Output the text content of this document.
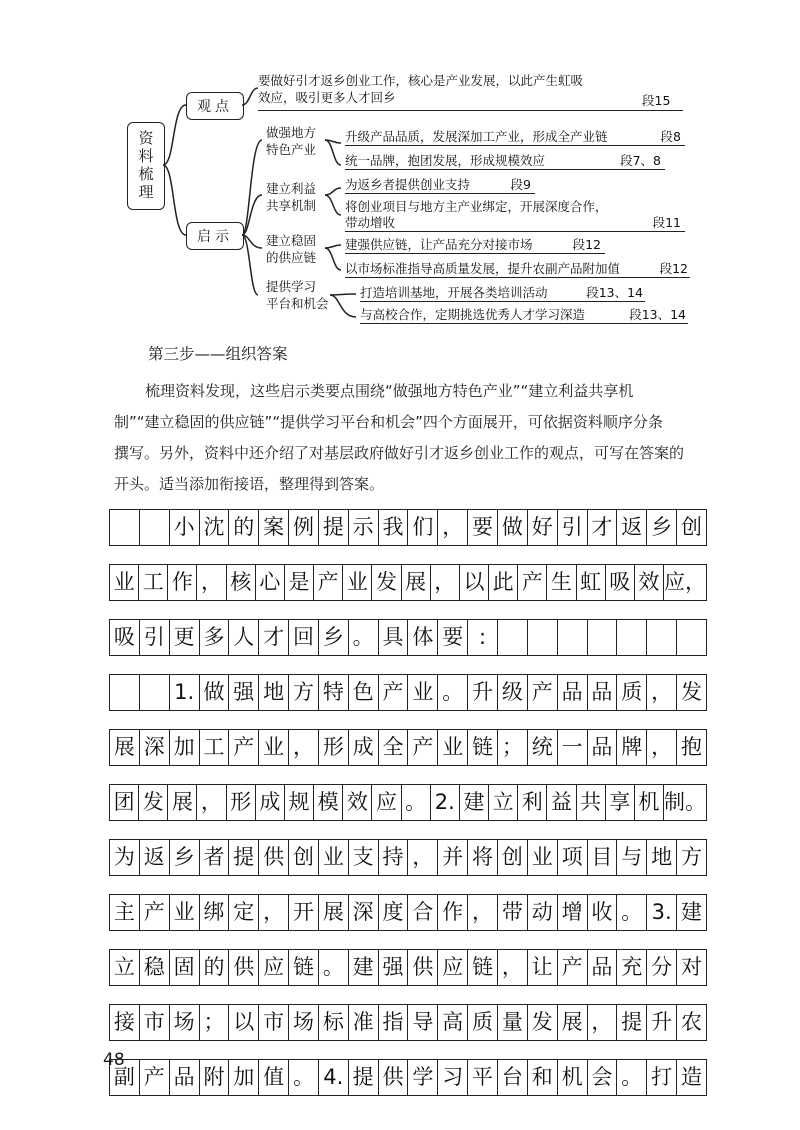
资料梳理
观点
启示
要做好引才返乡创业工作，核心是产业发展，以此产生虹吸
效应，吸引更多人才回乡	段15
做强地方
特色产业
建立利益
共享机制
建立稳固
的供应链
提供学习
平台和机会
升级产品品质，发展深加工产业，形成全产业链	段8
统一品牌，抱团发展，形成规模效应	段7、8
为返乡者提供创业支持	段9
将创业项目与地方主产业绑定，开展深度合作，
带动增收	段11
建强供应链，让产品充分对接市场	段12
以市场标准指导高质量发展，提升农副产品附加值	段12
打造培训基地，开展各类培训活动	段13、14
与高校合作，定期挑选优秀人才学习深造	段13、14
第三步——组织答案
梳理资料发现，这些启示类要点围绕“做强地方特色产业”“建立利益共享机
制”“建立稳固的供应链”“提供学习平台和机会”四个方面展开，可依据资料顺序分条
撰写。另外，资料中还介绍了对基层政府做好引才返乡创业工作的观点，可写在答案的
开头。适当添加衔接语，整理得到答案。
小 沈 的 案 例 提 示 我 们 ， 要 做 好 引 才 返 乡 创
业 工 作 ， 核 心 是 产 业 发 展 ， 以 此 产 生 虹 吸 效 应，
吸 引 更 多 人 才 回 乡 。 具 体 要 :
1. 做 强 地 方 特 色 产 业 。 升 级 产 品 品 质 ， 发
展 深 加 工 产 业 ， 形 成 全 产 业 链 ； 统 一 品 牌 ， 抱
团 发 展 ， 形 成 规 模 效 应 。 2. 建 立 利 益 共 享 机 制。
为 返 乡 者 提 供 创 业 支 持 ， 并 将 创 业 项 目 与 地 方
主 产 业 绑 定 ， 开 展 深 度 合 作 ， 带 动 增 收 。 3. 建
立 稳 固 的 供 应 链 。 建 强 供 应 链 ， 让 产 品 充 分 对
接 市 场 ； 以 市 场 标 准 指 导 高 质 量 发 展 ， 提 升 农
副 产 品 附 加 值 。 4. 提 供 学 习 平 台 和 机 会 。 打 造
48
